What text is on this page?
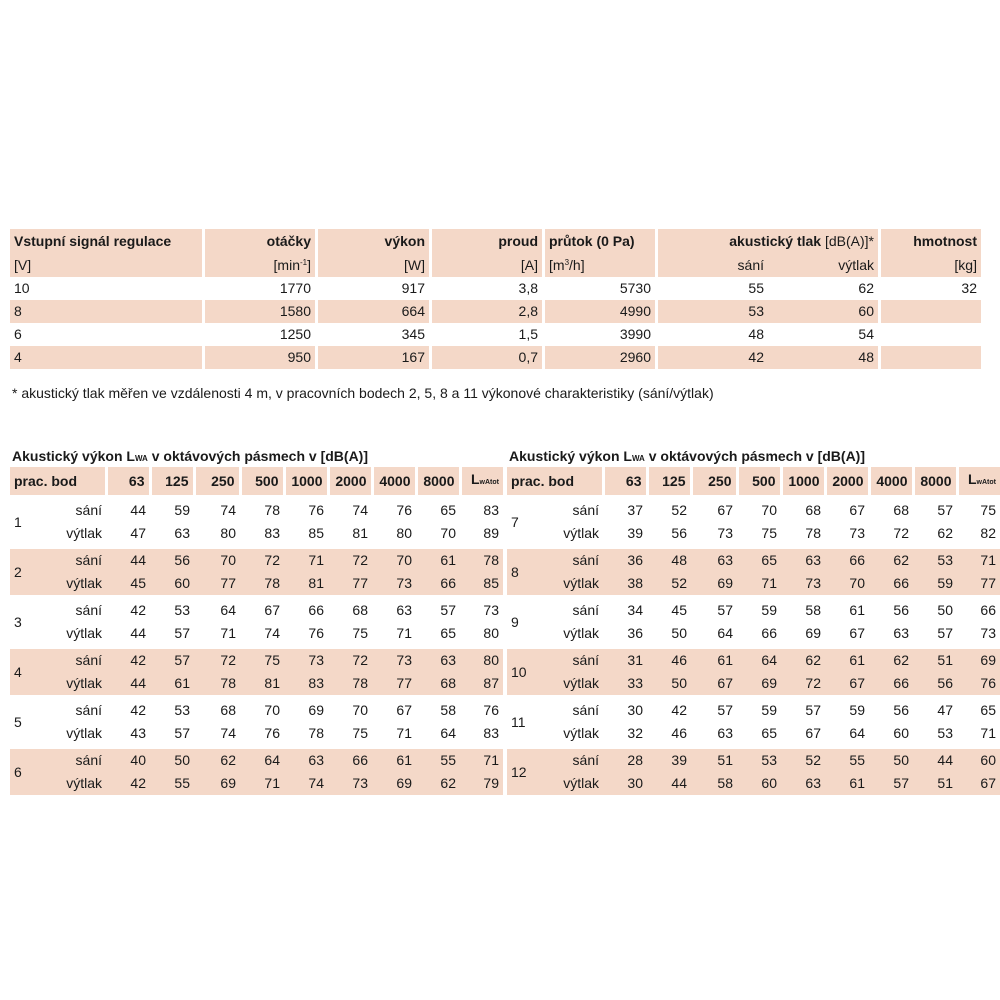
Vstupní signál regulace		otáčky		výkon		proud		průtok (0 Pa)		akustický tlak [dB(A)]*			hmotnost
[V]		$[\min^{-1}]$		[W]		[A]		$[m^3/h]$		sání	výtlak		[kg]
10		1770		917		3,8		5730		55	62		32
8		1580		664		2,8		4990		53	60		
6		1250		345		1,5		3990		48	54		
4		950		167		0,7		2960		42	48		
* akustický tlak měřen ve vzdálenosti 4 m, v pracovních bodech 2, 5, 8 a 11 výkonové charakteristiky (sání/výtlak)
Akustický výkon LWA v oktávových pásmech v [dB(A)]
prac. bod		63	125	250	500	1000	2000	4000	8000	LwAtot
1	sání	44	59	74	78	76	74	76	65	83
	výtlak	47	63	80	83	85	81	80	70	89
2	sání	44	56	70	72	71	72	70	61	78
	výtlak	45	60	77	78	81	77	73	66	85
3	sání	42	53	64	67	66	68	63	57	73
	výtlak	44	57	71	74	76	75	71	65	80
4	sání	42	57	72	75	73	72	73	63	80
	výtlak	44	61	78	81	83	78	77	68	87
5	sání	42	53	68	70	69	70	67	58	76
	výtlak	43	57	74	76	78	75	71	64	83
6	sání	40	50	62	64	63	66	61	55	71
	výtlak	42	55	69	71	74	73	69	62	79
Akustický výkon LWA v oktávových pásmech v [dB(A)]
prac. bod		63	125	250	500	1000	2000	4000	8000	LwAtot
7	sání	37	52	67	70	68	67	68	57	75
	výtlak	39	56	73	75	78	73	72	62	82
8	sání	36	48	63	65	63	66	62	53	71
	výtlak	38	52	69	71	73	70	66	59	77
9	sání	34	45	57	59	58	61	56	50	66
	výtlak	36	50	64	66	69	67	63	57	73
10	sání	31	46	61	64	62	61	62	51	69
	výtlak	33	50	67	69	72	67	66	56	76
11	sání	30	42	57	59	57	59	56	47	65
	výtlak	32	46	63	65	67	64	60	53	71
12	sání	28	39	51	53	52	55	50	44	60
	výtlak	30	44	58	60	63	61	57	51	67
